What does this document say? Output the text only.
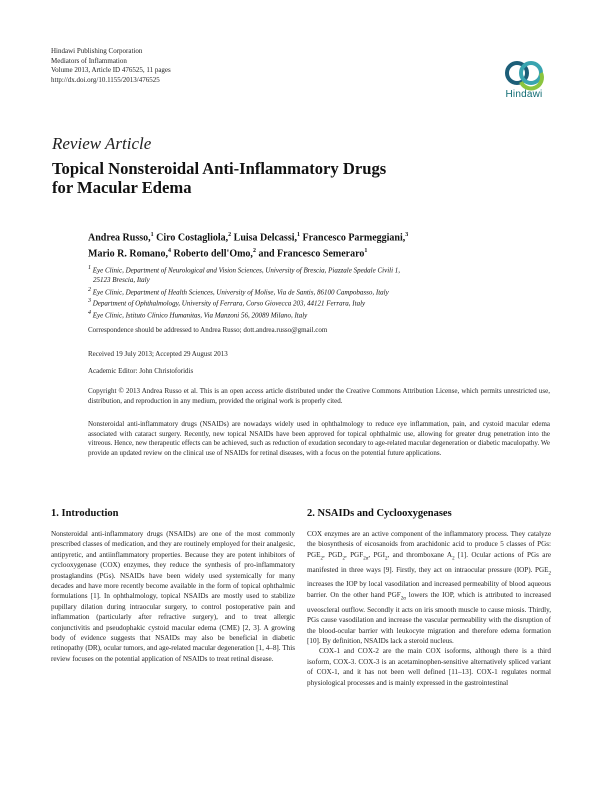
Hindawi Publishing Corporation
Mediators of Inflammation
Volume 2013, Article ID 476525, 11 pages
http://dx.doi.org/10.1155/2013/476525
Hindawi
Review Article
Topical Nonsteroidal Anti-Inflammatory Drugs
for Macular Edema
Andrea Russo,$^1$ Ciro Costagliola,$^2$ Luisa Delcassi,$^1$ Francesco Parmeggiani,$^3$
Mario R. Romano,$^4$ Roberto dell'Omo,$^2$ and Francesco Semeraro$^1$
$^1$ Eye Clinic, Department of Neurological and Vision Sciences, University of Brescia, Piazzale Spedale Civili 1,
25123 Brescia, Italy
$^2$ Eye Clinic, Department of Health Sciences, University of Molise, Via de Santis, 86100 Campobasso, Italy
$^3$ Department of Ophthalmology, University of Ferrara, Corso Giovecca 203, 44121 Ferrara, Italy
$^4$ Eye Clinic, Istituto Clinico Humanitas, Via Manzoni 56, 20089 Milano, Italy
Correspondence should be addressed to Andrea Russo; dott.andrea.russo@gmail.com
Received 19 July 2013; Accepted 29 August 2013
Academic Editor: John Christoforidis
Copyright © 2013 Andrea Russo et al. This is an open access article distributed under the Creative Commons Attribution License, which permits unrestricted use, distribution, and reproduction in any medium, provided the original work is properly cited.
Nonsteroidal anti-inflammatory drugs (NSAIDs) are nowadays widely used in ophthalmology to reduce eye inflammation, pain, and cystoid macular edema associated with cataract surgery. Recently, new topical NSAIDs have been approved for topical ophthalmic use, allowing for greater drug penetration into the vitreous. Hence, new therapeutic effects can be achieved, such as reduction of exudation secondary to age-related macular degeneration or diabetic maculopathy. We provide an updated review on the clinical use of NSAIDs for retinal diseases, with a focus on the potential future applications.
1. Introduction

Nonsteroidal anti-inflammatory drugs (NSAIDs) are one of the most commonly prescribed classes of medication, and they are routinely employed for their analgesic, antipyretic, and antiinflammatory properties. Because they are potent inhibitors of cyclooxygenase (COX) enzymes, they reduce the synthesis of pro-inflammatory prostaglandins (PGs). NSAIDs have been widely used systemically for many decades and have more recently become available in the form of topical ophthalmic formulations [1]. In ophthalmology, topical NSAIDs are mostly used to stabilize pupillary dilation during intraocular surgery, to control postoperative pain and inflammation (particularly after refractive surgery), and to treat allergic conjunctivitis and pseudophakic cystoid macular edema (CME) [2, 3]. A growing body of evidence suggests that NSAIDs may also be beneficial in diabetic retinopathy (DR), ocular tumors, and age-related macular degeneration [1, 4–8]. This review focuses on the potential application of NSAIDs to treat retinal disease.

2. NSAIDs and Cyclooxygenases

COX enzymes are an active component of the inflammatory process. They catalyze the biosynthesis of eicosanoids from arachidonic acid to produce 5 classes of PGs: $PGE_2$, $PGD_2$, $PGF_{2\alpha}$, $PGI_2$, and thromboxane $A_2$ [1]. Ocular actions of PGs are manifested in three ways [9]. Firstly, they act on intraocular pressure (IOP). $PGE_2$ increases the IOP by local vasodilation and increased permeability of blood aqueous barrier. On the other hand $PGF_{2\alpha}$ lowers the IOP, which is attributed to increased uveoscleral outflow. Secondly it acts on iris smooth muscle to cause miosis. Thirdly, PGs cause vasodilation and increase the vascular permeability with the disruption of the blood-ocular barrier with leukocyte migration and therefore edema formation [10]. By definition, NSAIDs lack a steroid nucleus.

COX-1 and COX-2 are the main COX isoforms, although there is a third isoform, COX-3. COX-3 is an acetaminophen-sensitive alternatively spliced variant of COX-1, and it has not been well defined [11–13]. COX-1 regulates normal physiological processes and is mainly expressed in the gastrointestinal
